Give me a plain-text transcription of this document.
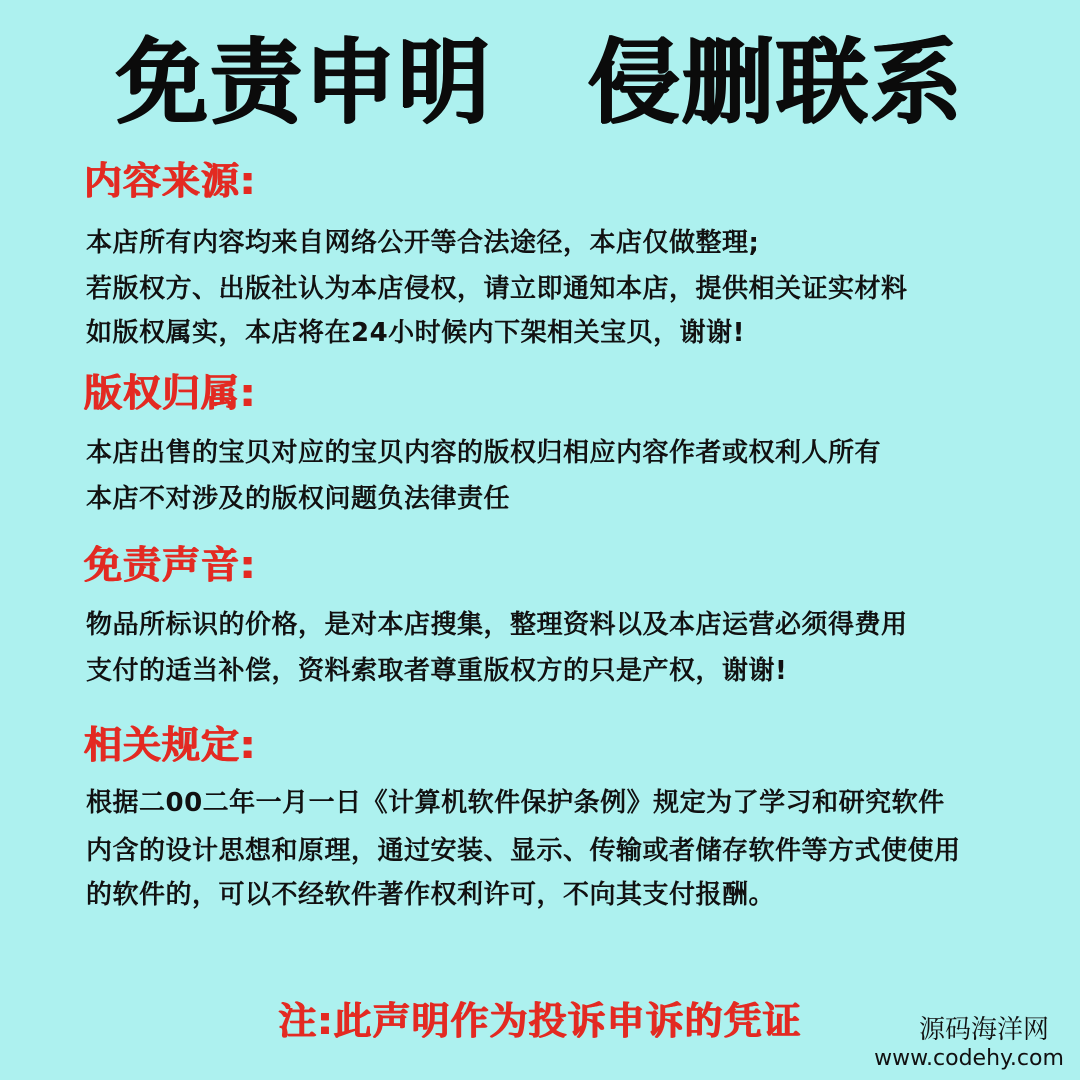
免责申明 侵删联系
内容来源:
本店所有内容均来自网络公开等合法途径，本店仅做整理;
若版权方、出版社认为本店侵权，请立即通知本店，提供相关证实材料
如版权属实，本店将在24小时候内下架相关宝贝，谢谢!
版权归属:
本店出售的宝贝对应的宝贝内容的版权归相应内容作者或权利人所有
本店不对涉及的版权问题负法律责任
免责声音:
物品所标识的价格，是对本店搜集，整理资料以及本店运营必须得费用
支付的适当补偿，资料索取者尊重版权方的只是产权，谢谢!
相关规定:
根据二00二年一月一日《计算机软件保护条例》规定为了学习和研究软件
内含的设计思想和原理，通过安装、显示、传输或者储存软件等方式使使用
的软件的，可以不经软件著作权利许可，不向其支付报酬。
注:此声明作为投诉申诉的凭证	源码海洋网
www.codehy.com
